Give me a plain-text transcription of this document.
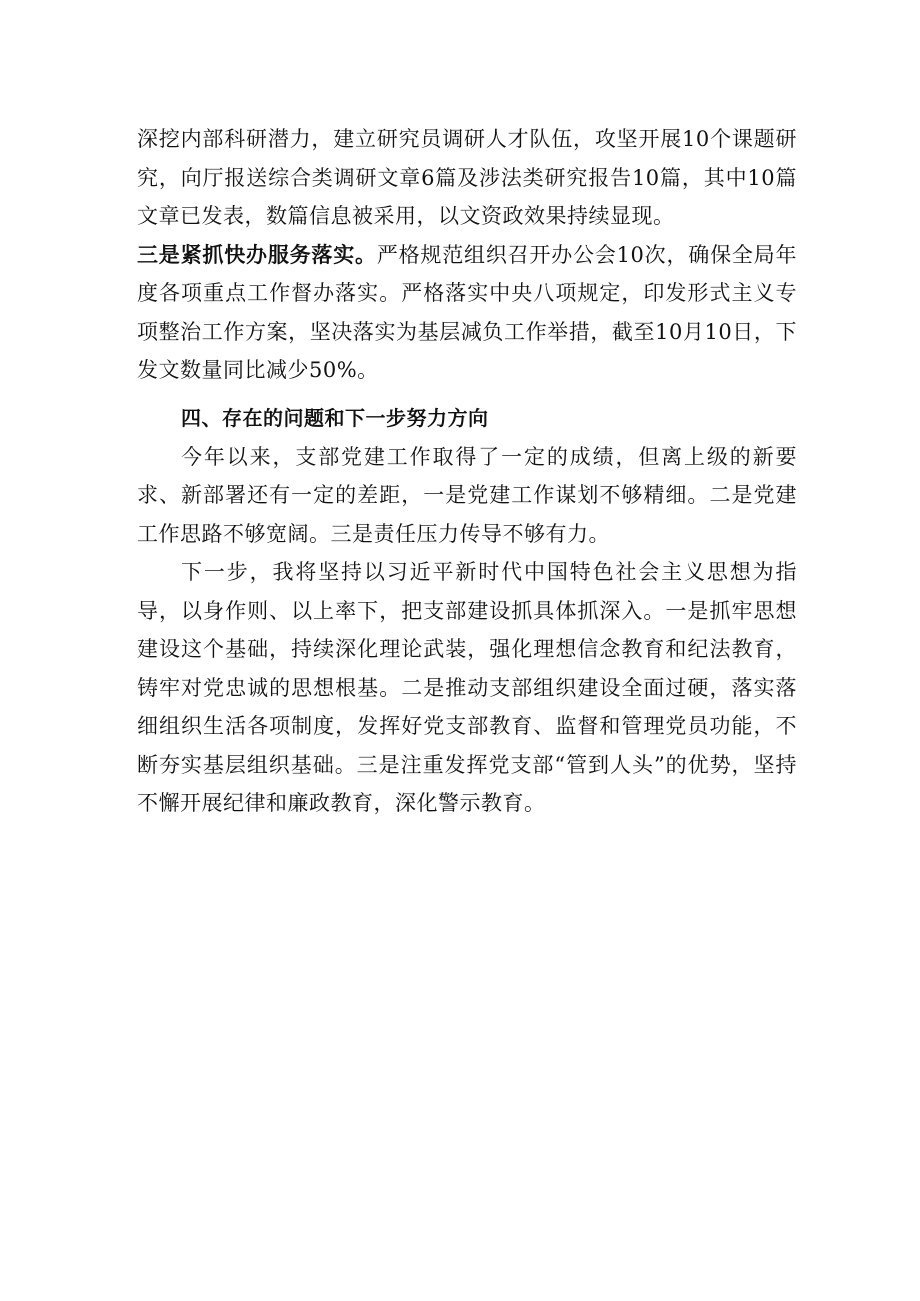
深挖内部科研潜力，建立研究员调研人才队伍，攻坚开展10个课题研究，向厅报送综合类调研文章6篇及涉法类研究报告10篇，其中10篇文章已发表，数篇信息被采用，以文资政效果持续显现。

三是紧抓快办服务落实。严格规范组织召开办公会10次，确保全局年度各项重点工作督办落实。严格落实中央八项规定，印发形式主义专项整治工作方案，坚决落实为基层减负工作举措，截至10月10日，下发文数量同比减少50%。

四、存在的问题和下一步努力方向

今年以来，支部党建工作取得了一定的成绩，但离上级的新要求、新部署还有一定的差距，一是党建工作谋划不够精细。二是党建工作思路不够宽阔。三是责任压力传导不够有力。

下一步，我将坚持以习近平新时代中国特色社会主义思想为指导，以身作则、以上率下，把支部建设抓具体抓深入。一是抓牢思想建设这个基础，持续深化理论武装，强化理想信念教育和纪法教育，铸牢对党忠诚的思想根基。二是推动支部组织建设全面过硬，落实落细组织生活各项制度，发挥好党支部教育、监督和管理党员功能，不断夯实基层组织基础。三是注重发挥党支部“管到人头”的优势，坚持不懈开展纪律和廉政教育，深化警示教育。
